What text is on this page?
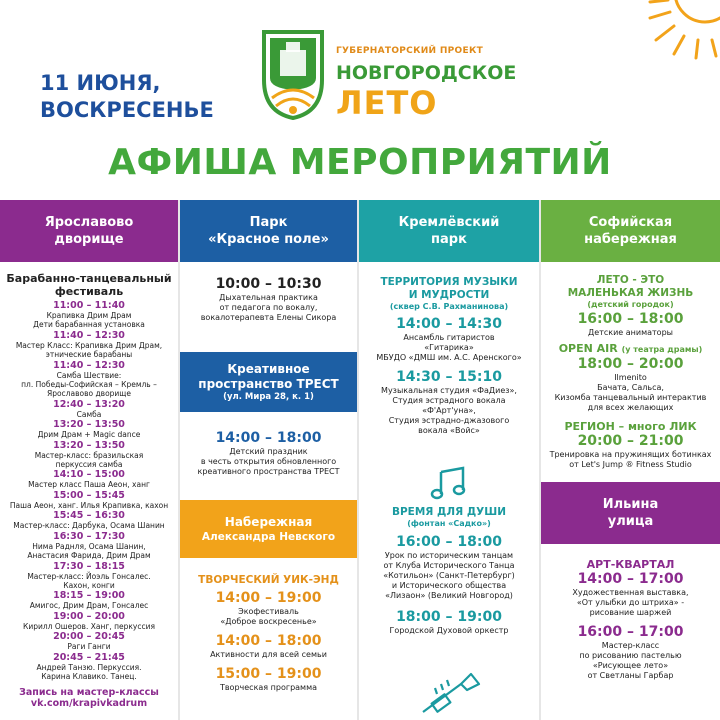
11 ИЮНЯ,
ВОСКРЕСЕНЬЕ
ГУБЕРНАТОРСКИЙ ПРОЕКТ
НОВГОРОДСКОЕ
ЛЕТО
АФИША МЕРОПРИЯТИЙ
Ярославово
дворище
Барабанно-танцевальный
фестиваль
11:00 – 11:40
Крапивка Дрим Драм
Дети барабанная установка
11:40 – 12:30
Мастер Класс: Крапивка Дрим Драм,
этнические барабаны
11:40 – 12:30
Самба Шествие:
пл. Победы-Софийская – Кремль –
Ярославово дворище
12:40 – 13:20
Самба
13:20 – 13:50
Дрим Драм + Magic dance
13:20 – 13:50
Мастер-класс: бразильская
перкуссия самба
14:10 – 15:00
Мастер класс Паша Аеон, ханг
15:00 – 15:45
Паша Аеон, ханг. Илья Крапивка, кахон
15:45 – 16:30
Мастер-класс: Дарбука, Осама Шанин
16:30 – 17:30
Нима Раднля, Осама Шанин,
Анастасия Фарида, Дрим Драм
17:30 – 18:15
Мастер-класс: Йоэль Гонсалес.
Кахон, конги
18:15 – 19:00
Амигос, Дрим Драм, Гонсалес
19:00 – 20:00
Кирилл Ошеров. Ханг, перкуссия
20:00 – 20:45
Раги Ганги
20:45 – 21:45
Андрей Танзю. Перкуссия.
Карина Клавико. Танец.
Запись на мастер-классы
vk.com/krapivkadrum
Парк
«Красное поле»
10:00 – 10:30
Дыхательная практика
от педагога по вокалу,
вокалотерапевта Елены Сикора
Креативное
пространство ТРЕСТ
(ул. Мира 28, к. 1)
14:00 – 18:00
Детский праздник
в честь открытия обновленного
креативного пространства ТРЕСТ
Набережная
Александра Невского
ТВОРЧЕСКИЙ УИК-ЭНД
14:00 – 19:00
Экофестиваль
«Доброе воскресенье»
14:00 – 18:00
Активности для всей семьи
15:00 – 19:00
Творческая программа
Кремлёвский
парк
ТЕРРИТОРИЯ МУЗЫКИ
И МУДРОСТИ
(сквер С.В. Рахманинова)
14:00 – 14:30
Ансамбль гитаристов
«Гитарика»
МБУДО «ДМШ им. А.С. Аренского»
14:30 – 15:10
Музыкальная студия «ФаДиез»,
Студия эстрадного вокала
«Ф'Арт'уна»,
Студия эстрадно-джазового
вокала «Войс»
ВРЕМЯ ДЛЯ ДУШИ
(фонтан «Садко»)
16:00 – 18:00
Урок по историческим танцам
от Клуба Исторического Танца
«Котильон» (Санкт-Петербург)
и Исторического общества
«Лизаон» (Великий Новгород)
18:00 – 19:00
Городской Духовой оркестр
Софийская
набережная
ЛЕТО - ЭТО
МАЛЕНЬКАЯ ЖИЗНЬ
(детский городок)
16:00 – 18:00
Детские аниматоры
OPEN AIR (у театра драмы)
18:00 – 20:00
Ilmenito
Бачата, Сальса,
Кизомба танцевальный интерактив
для всех желающих
РЕГИОН – много ЛИК
20:00 – 21:00
Тренировка на пружинящих ботинках
от Let's Jump ® Fitness Studio
Ильина
улица
АРТ-КВАРТАЛ
14:00 – 17:00
Художественная выставка,
«От улыбки до штриха» -
рисование шаржей
16:00 – 17:00
Мастер-класс
по рисованию пастелью
«Рисующее лето»
от Светланы Гарбар
